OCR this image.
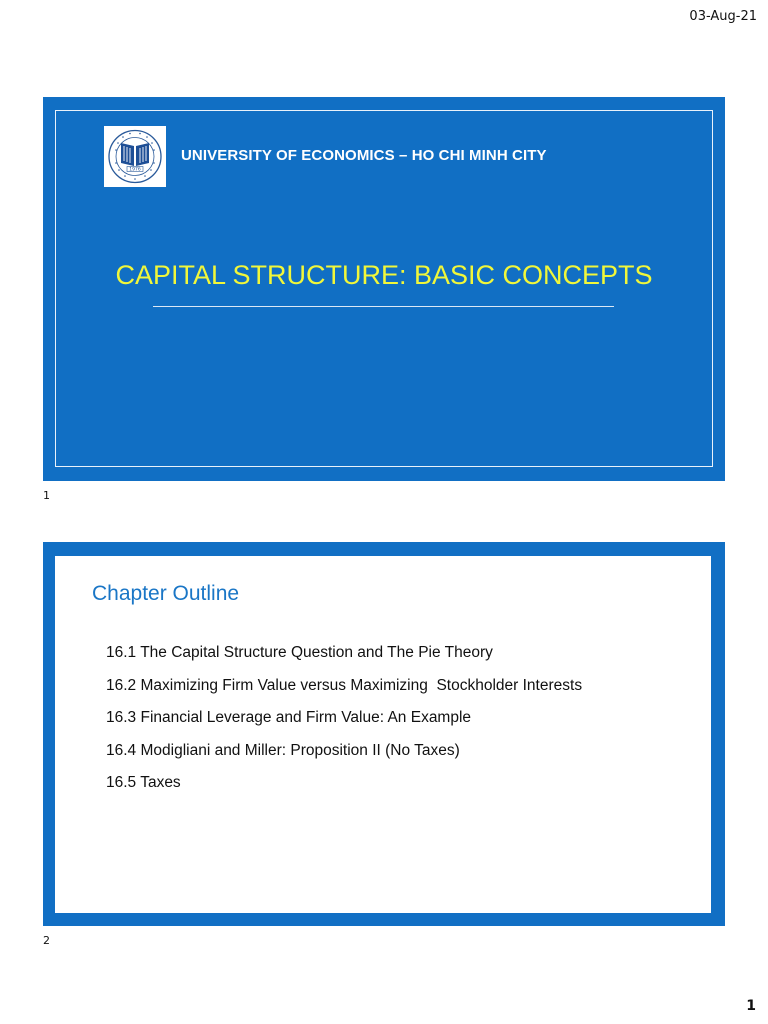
03-Aug-21
1976
UNIVERSITY OF ECONOMICS – HO CHI MINH CITY
CAPITAL STRUCTURE: BASIC CONCEPTS
1
Chapter Outline
16.1 The Capital Structure Question and The Pie Theory
16.2 Maximizing Firm Value versus Maximizing  Stockholder Interests
16.3 Financial Leverage and Firm Value: An Example
16.4 Modigliani and Miller: Proposition II (No Taxes)
16.5 Taxes
2
1
